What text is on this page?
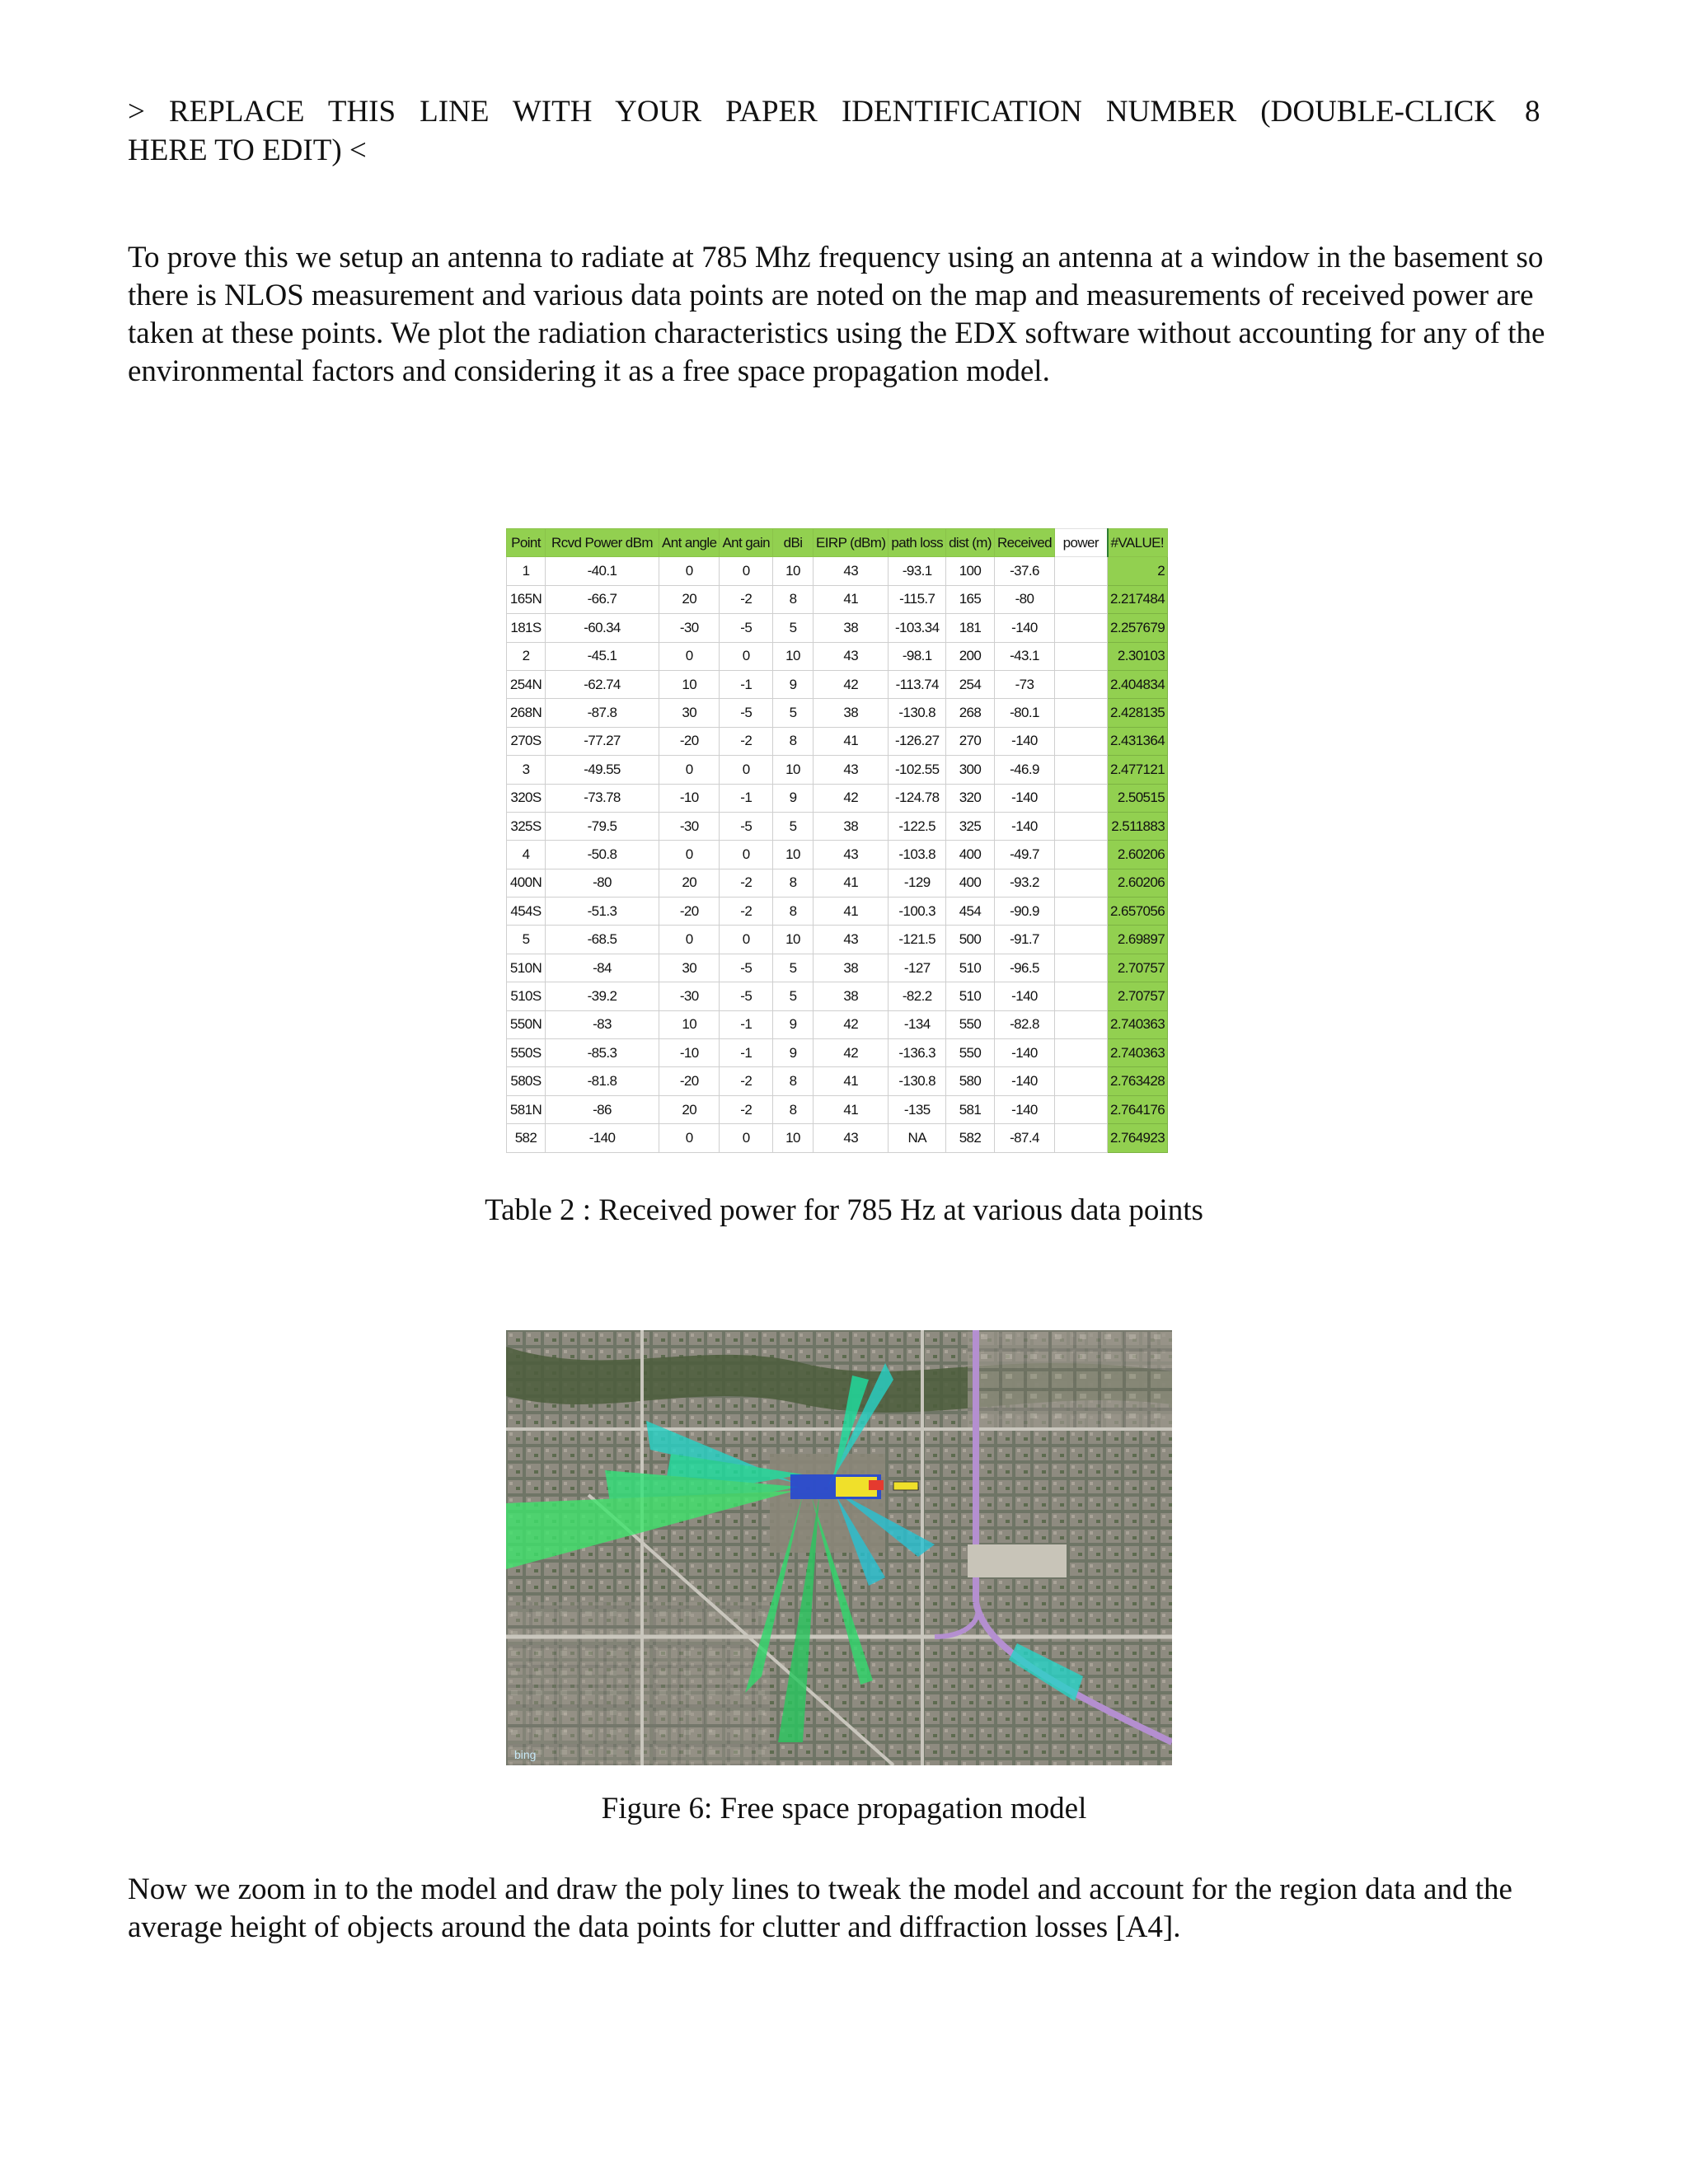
> REPLACE THIS LINE WITH YOUR PAPER IDENTIFICATION NUMBER (DOUBLE-CLICK
HERE TO EDIT) <
8

To prove this we setup an antenna to radiate at 785 Mhz frequency using an antenna at a window in the basement so there is NLOS measurement and various data points are noted on the map and measurements of received power are taken at these points. We plot the radiation characteristics using the EDX software without accounting for any of the environmental factors and considering it as a free space propagation model.

Point	Rcvd Power dBm	Ant angle	Ant gain	dBi	EIRP (dBm)	path loss	dist (m)	Received	power	#VALUE!
1	-40.1	0	0	10	43	-93.1	100	-37.6		2
165N	-66.7	20	-2	8	41	-115.7	165	-80		2.217484
181S	-60.34	-30	-5	5	38	-103.34	181	-140		2.257679
2	-45.1	0	0	10	43	-98.1	200	-43.1		2.30103
254N	-62.74	10	-1	9	42	-113.74	254	-73		2.404834
268N	-87.8	30	-5	5	38	-130.8	268	-80.1		2.428135
270S	-77.27	-20	-2	8	41	-126.27	270	-140		2.431364
3	-49.55	0	0	10	43	-102.55	300	-46.9		2.477121
320S	-73.78	-10	-1	9	42	-124.78	320	-140		2.50515
325S	-79.5	-30	-5	5	38	-122.5	325	-140		2.511883
4	-50.8	0	0	10	43	-103.8	400	-49.7		2.60206
400N	-80	20	-2	8	41	-129	400	-93.2		2.60206
454S	-51.3	-20	-2	8	41	-100.3	454	-90.9		2.657056
5	-68.5	0	0	10	43	-121.5	500	-91.7		2.69897
510N	-84	30	-5	5	38	-127	510	-96.5		2.70757
510S	-39.2	-30	-5	5	38	-82.2	510	-140		2.70757
550N	-83	10	-1	9	42	-134	550	-82.8		2.740363
550S	-85.3	-10	-1	9	42	-136.3	550	-140		2.740363
580S	-81.8	-20	-2	8	41	-130.8	580	-140		2.763428
581N	-86	20	-2	8	41	-135	581	-140		2.764176
582	-140	0	0	10	43	NA	582	-87.4		2.764923
Table 2 : Received power for 785 Hz at various data points
bing
Figure 6: Free space propagation model

Now we zoom in to the model and draw the poly lines to tweak the model and account for the region data and the average height of objects around the data points for clutter and diffraction losses [A4].
